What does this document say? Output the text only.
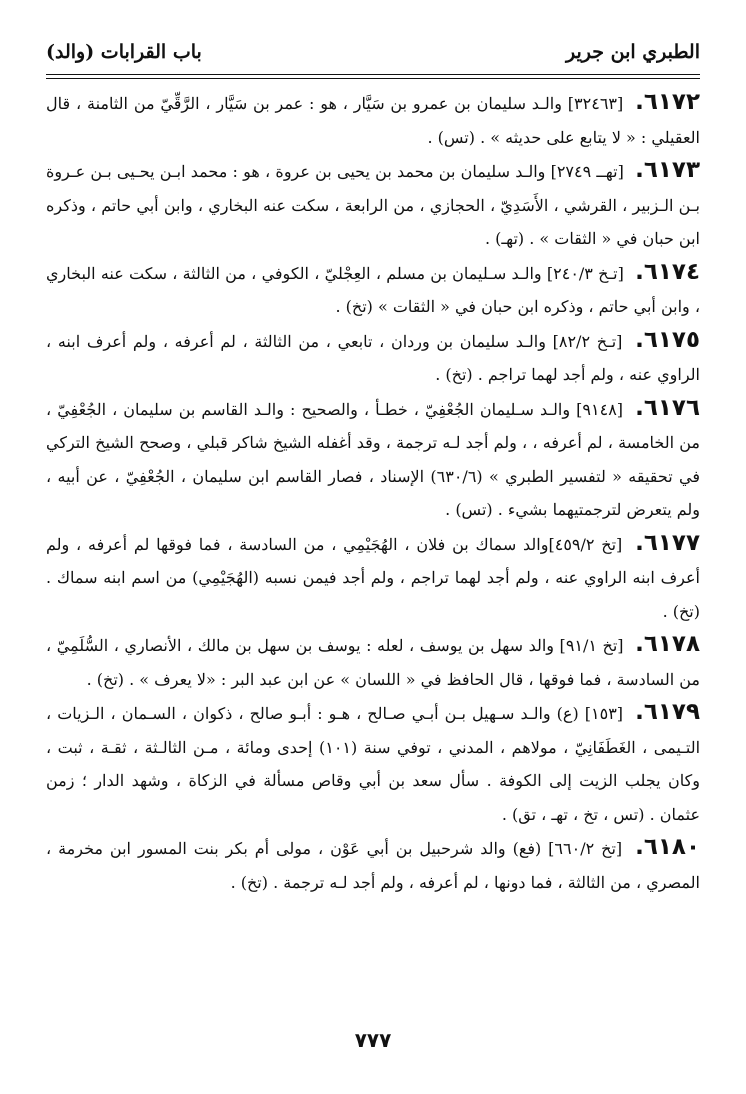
الطبري ابن جرير
باب القرابات (والد)

٦١٧٢. [٣٢٤٦٣] والـد سليمان بن عمرو بن سَيَّار ، هو : عمر بن سَيَّار ، الرَّقِّيّ من الثامنة ، قال العقيلي : « لا يتابع على حديثه » . (تس) .

٦١٧٣. [تهــ ٢٧٤٩] والـد سليمان بن محمد بن يحيى بن عروة ، هو : محمد ابـن يحـيى بـن عـروة بـن الـزبير ، القرشي ، الأَسَدِيّ ، الحجازي ، من الرابعة ، سكت عنه البخاري ، وابن أبي حاتم ، وذكره ابن حبان في « الثقات » . (تهـ) .

٦١٧٤. [تـخ ٢٤٠/٣] والـد سـليمان بن مسلم ، العِجْليّ ، الكوفي ، من الثالثة ، سكت عنه البخاري ، وابن أبي حاتم ، وذكره ابن حبان في « الثقات » (تخ) .

٦١٧٥. [تـخ ٨٢/٢] والـد سليمان بن وردان ، تابعي ، من الثالثة ، لم أعرفه ، ولم أعرف ابنه ، الراوي عنه ، ولم أجد لهما تراجم . (تخ) .

٦١٧٦. [٩١٤٨] والـد سـليمان الجُعْفِيّ ، خطـأ ، والصحيح : والـد القاسم بن سليمان ، الجُعْفِيّ ، من الخامسة ، لم أعرفه ، ، ولم أجد لـه ترجمة ، وقد أغفله الشيخ شاكر قبلي ، وصحح الشيخ التركي في تحقيقه « لتفسير الطبري » (٦٣٠/٦) الإسناد ، فصار القاسم ابن سليمان ، الجُعْفِيّ ، عن أبيه ، ولم يتعرض لترجمتيهما بشيء . (تس) .

٦١٧٧. [تخ ٤٥٩/٢]والد سماك بن فلان ، الهُجَيْمِي ، من السادسة ، فما فوقها لم أعرفه ، ولم أعرف ابنه الراوي عنه ، ولم أجد لهما تراجم ، ولم أجد فيمن نسبه (الهُجَيْمِي) من اسم ابنه سماك . (تخ) .

٦١٧٨. [تخ ٩١/١] والد سهل بن يوسف ، لعله : يوسف بن سهل بن مالك ، الأنصاري ، السُّلَمِيّ ، من السادسة ، فما فوقها ، قال الحافظ في « اللسان » عن ابن عبد البر : «لا يعرف » . (تخ) .

٦١٧٩. [١٥٣] (ع) والـد سـهيل بـن أبـي صـالح ، هـو : أبـو صالح ، ذكوان ، السـمان ، الـزيات ، التـيمى ، الغَطَفَانِيّ ، مولاهم ، المدني ، توفي سنة (١٠١) إحدى ومائة ، مـن الثالـثة ، ثقـة ، ثبت ، وكان يجلب الزيت إلى الكوفة . سأل سعد بن أبي وقاص مسألة في الزكاة ، وشهد الدار ؛ زمن عثمان . (تس ، تخ ، تهـ ، تق) .

٦١٨٠. [تخ ٦٦٠/٢] (فع) والد شرحبيل بن أبي عَوْن ، مولى أم بكر بنت المسور ابن مخرمة ، المصري ، من الثالثة ، فما دونها ، لم أعرفه ، ولم أجد لـه ترجمة . (تخ) .

٧٧٧
